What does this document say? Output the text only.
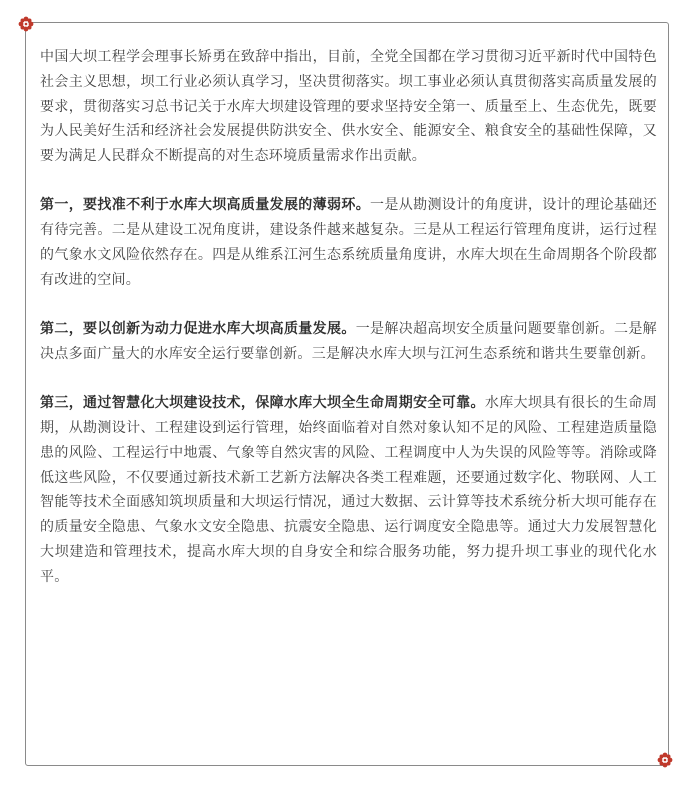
中国大坝工程学会理事长矫勇在致辞中指出，目前，全党全国都在学习贯彻习近平新时代中国特色社会主义思想，坝工行业必须认真学习，坚决贯彻落实。坝工事业必须认真贯彻落实高质量发展的要求，贯彻落实习总书记关于水库大坝建设管理的要求坚持安全第一、质量至上、生态优先，既要为人民美好生活和经济社会发展提供防洪安全、供水安全、能源安全、粮食安全的基础性保障，又要为满足人民群众不断提高的对生态环境质量需求作出贡献。

第一，要找准不利于水库大坝高质量发展的薄弱环。一是从勘测设计的角度讲，设计的理论基础还有待完善。二是从建设工况角度讲，建设条件越来越复杂。三是从工程运行管理角度讲，运行过程的气象水文风险依然存在。四是从维系江河生态系统质量角度讲，水库大坝在生命周期各个阶段都有改进的空间。

第二，要以创新为动力促进水库大坝高质量发展。一是解决超高坝安全质量问题要靠创新。二是解决点多面广量大的水库安全运行要靠创新。三是解决水库大坝与江河生态系统和谐共生要靠创新。

第三，通过智慧化大坝建设技术，保障水库大坝全生命周期安全可靠。水库大坝具有很长的生命周期，从勘测设计、工程建设到运行管理，始终面临着对自然对象认知不足的风险、工程建造质量隐患的风险、工程运行中地震、气象等自然灾害的风险、工程调度中人为失误的风险等等。消除或降低这些风险，不仅要通过新技术新工艺新方法解决各类工程难题，还要通过数字化、物联网、人工智能等技术全面感知筑坝质量和大坝运行情况，通过大数据、云计算等技术系统分析大坝可能存在的质量安全隐患、气象水文安全隐患、抗震安全隐患、运行调度安全隐患等。通过大力发展智慧化大坝建造和管理技术，提高水库大坝的自身安全和综合服务功能，努力提升坝工事业的现代化水平。
